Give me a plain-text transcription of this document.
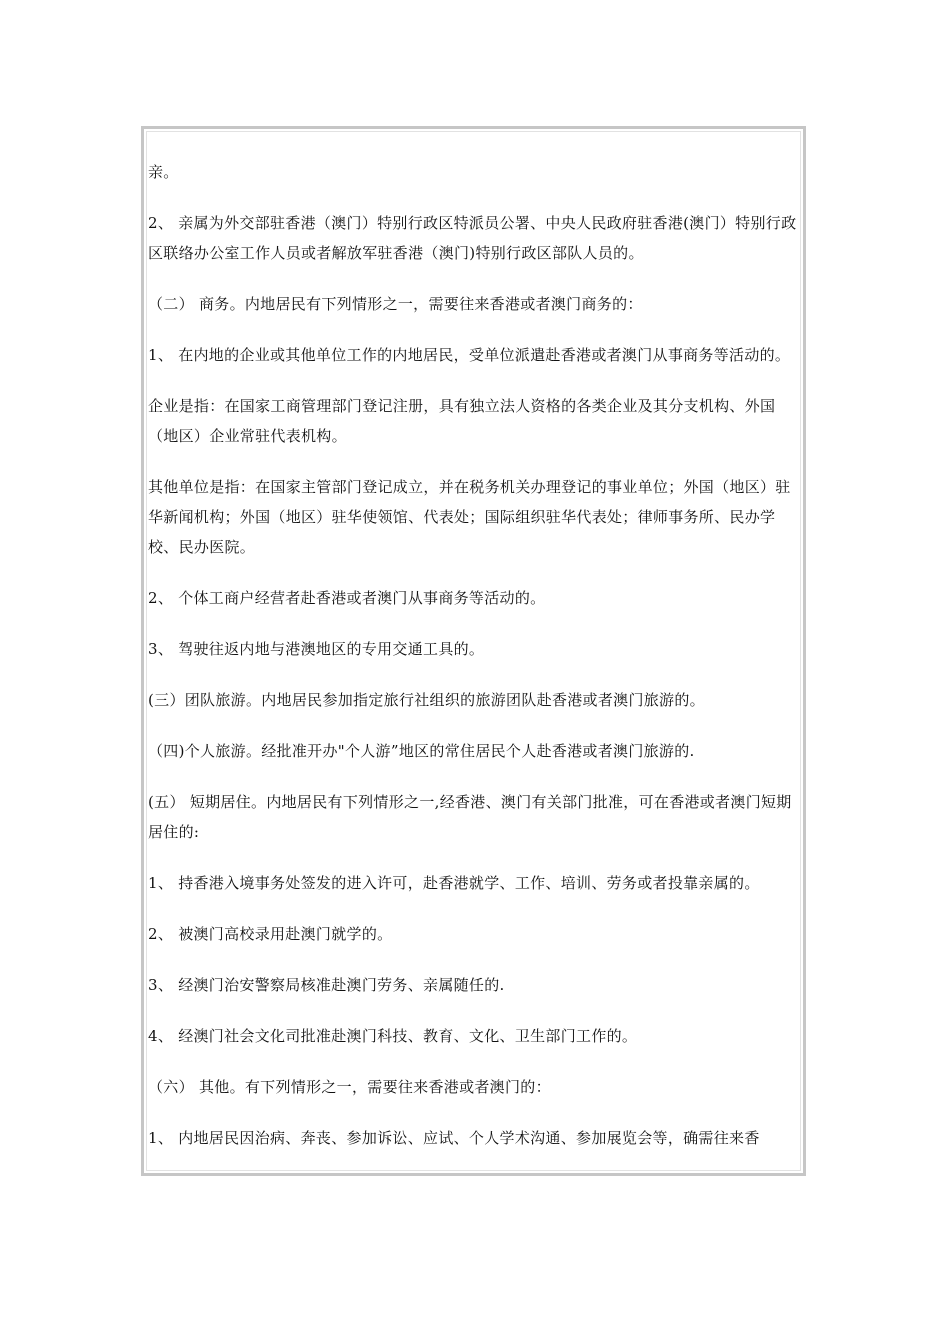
亲。

2、 亲属为外交部驻香港（澳门）特别行政区特派员公署、中央人民政府驻香港(澳门）特别行政区联络办公室工作人员或者解放军驻香港（澳门)特别行政区部队人员的。

（二） 商务。内地居民有下列情形之一，需要往来香港或者澳门商务的：

1、 在内地的企业或其他单位工作的内地居民，受单位派遣赴香港或者澳门从事商务等活动的。

企业是指：在国家工商管理部门登记注册，具有独立法人资格的各类企业及其分支机构、外国（地区）企业常驻代表机构。

其他单位是指：在国家主管部门登记成立，并在税务机关办理登记的事业单位；外国（地区）驻华新闻机构；外国（地区）驻华使领馆、代表处；国际组织驻华代表处；律师事务所、民办学校、民办医院。

2、 个体工商户经营者赴香港或者澳门从事商务等活动的。

3、 驾驶往返内地与港澳地区的专用交通工具的。

(三）团队旅游。内地居民参加指定旅行社组织的旅游团队赴香港或者澳门旅游的。

（四)个人旅游。经批准开办"个人游”地区的常住居民个人赴香港或者澳门旅游的.

(五） 短期居住。内地居民有下列情形之一,经香港、澳门有关部门批准，可在香港或者澳门短期居住的:

1、 持香港入境事务处签发的进入许可，赴香港就学、工作、培训、劳务或者投靠亲属的。

2、 被澳门高校录用赴澳门就学的。

3、 经澳门治安警察局核准赴澳门劳务、亲属随任的.

4、 经澳门社会文化司批准赴澳门科技、教育、文化、卫生部门工作的。

（六） 其他。有下列情形之一，需要往来香港或者澳门的：

1、 内地居民因治病、奔丧、参加诉讼、应试、个人学术沟通、参加展览会等，确需往来香
